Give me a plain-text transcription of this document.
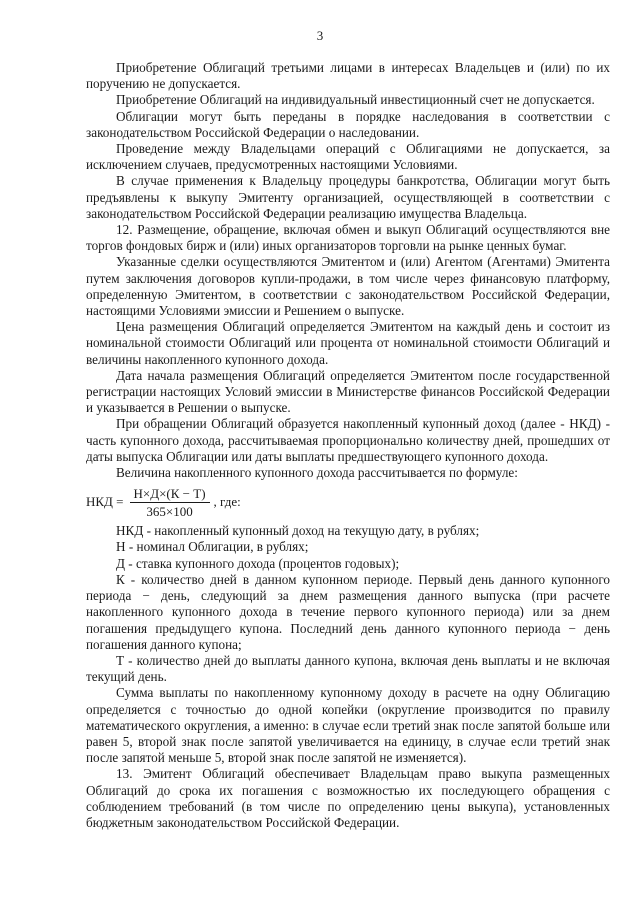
3

Приобретение Облигаций третьими лицами в интересах Владельцев и (или) по их поручению не допускается.

Приобретение Облигаций на индивидуальный инвестиционный счет не допускается.

Облигации могут быть переданы в порядке наследования в соответствии с законодательством Российской Федерации о наследовании.

Проведение между Владельцами операций с Облигациями не допускается, за исключением случаев, предусмотренных настоящими Условиями.

В случае применения к Владельцу процедуры банкротства, Облигации могут быть предъявлены к выкупу Эмитенту организацией, осуществляющей в соответствии с законодательством Российской Федерации реализацию имущества Владельца.

12. Размещение, обращение, включая обмен и выкуп Облигаций осуществляются вне торгов фондовых бирж и (или) иных организаторов торговли на рынке ценных бумаг.

Указанные сделки осуществляются Эмитентом и (или) Агентом (Агентами) Эмитента путем заключения договоров купли-продажи, в том числе через финансовую платформу, определенную Эмитентом, в соответствии с законодательством Российской Федерации, настоящими Условиями эмиссии и Решением о выпуске.

Цена размещения Облигаций определяется Эмитентом на каждый день и состоит из номинальной стоимости Облигаций или процента от номинальной стоимости Облигаций и величины накопленного купонного дохода.

Дата начала размещения Облигаций определяется Эмитентом после государственной регистрации настоящих Условий эмиссии в Министерстве финансов Российской Федерации и указывается в Решении о выпуске.

При обращении Облигаций образуется накопленный купонный доход (далее - НКД) - часть купонного дохода, рассчитываемая пропорционально количеству дней, прошедших от даты выпуска Облигации или даты выплаты предшествующего купонного дохода.

Величина накопленного купонного дохода рассчитывается по формуле:

НКД = $\frac{Н\times Д\times(К - Т)}{365\times 100}$ , где:

НКД - накопленный купонный доход на текущую дату, в рублях;

Н - номинал Облигации, в рублях;

Д - ставка купонного дохода (процентов годовых);

К - количество дней в данном купонном периоде. Первый день данного купонного периода − день, следующий за днем размещения данного выпуска (при расчете накопленного купонного дохода в течение первого купонного периода) или за днем погашения предыдущего купона. Последний день данного купонного периода − день погашения данного купона;

Т - количество дней до выплаты данного купона, включая день выплаты и не включая текущий день.

Сумма выплаты по накопленному купонному доходу в расчете на одну Облигацию определяется с точностью до одной копейки (округление производится по правилу математического округления, а именно: в случае если третий знак после запятой больше или равен 5, второй знак после запятой увеличивается на единицу, в случае если третий знак после запятой меньше 5, второй знак после запятой не изменяется).

13. Эмитент Облигаций обеспечивает Владельцам право выкупа размещенных Облигаций до срока их погашения с возможностью их последующего обращения с соблюдением требований (в том числе по определению цены выкупа), установленных бюджетным законодательством Российской Федерации.
